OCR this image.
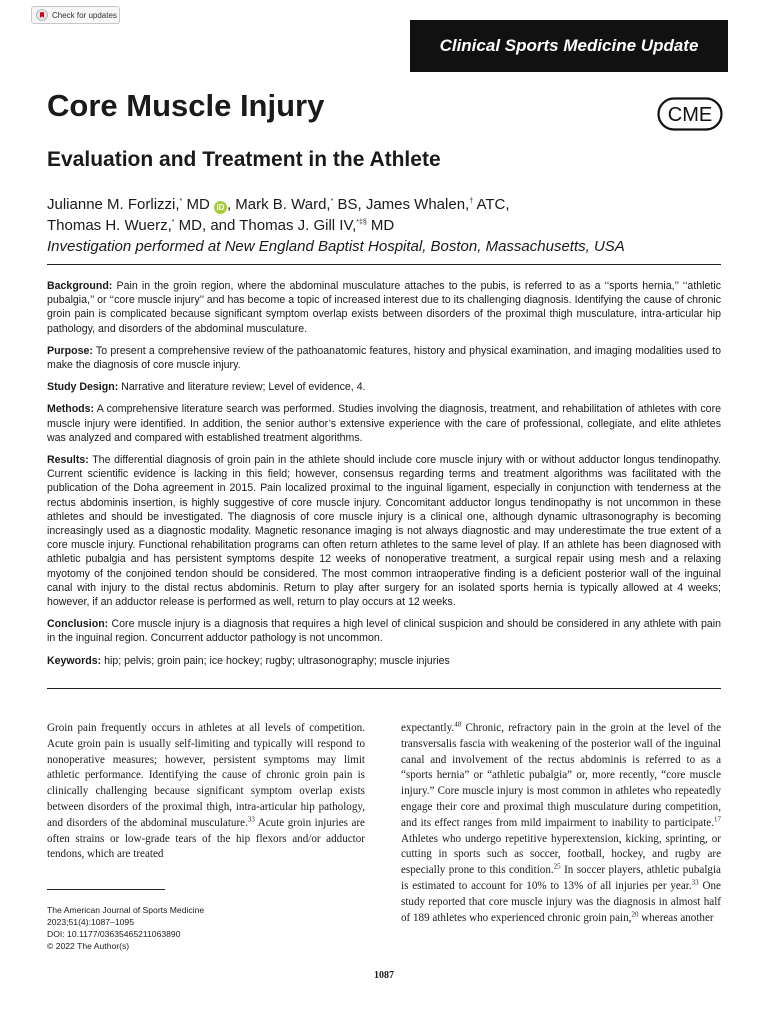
Check for updates
Clinical Sports Medicine Update
Core Muscle Injury	CME
Evaluation and Treatment in the Athlete
Julianne M. Forlizzi,* MD iD , Mark B. Ward,* BS, James Whalen,† ATC,
Thomas H. Wuerz,* MD, and Thomas J. Gill IV,*‡§ MD
Investigation performed at New England Baptist Hospital, Boston, Massachusetts, USA

Background: Pain in the groin region, where the abdominal musculature attaches to the pubis, is referred to as a ‘‘sports hernia,’’ ‘‘athletic pubalgia,’’ or ‘‘core muscle injury’’ and has become a topic of increased interest due to its challenging diagnosis. Identifying the cause of chronic groin pain is complicated because significant symptom overlap exists between disorders of the proximal thigh musculature, intra-articular hip pathology, and disorders of the abdominal musculature.

Purpose: To present a comprehensive review of the pathoanatomic features, history and physical examination, and imaging modalities used to make the diagnosis of core muscle injury.

Study Design: Narrative and literature review; Level of evidence, 4.

Methods: A comprehensive literature search was performed. Studies involving the diagnosis, treatment, and rehabilitation of athletes with core muscle injury were identified. In addition, the senior author’s extensive experience with the care of professional, collegiate, and elite athletes was analyzed and compared with established treatment algorithms.

Results: The differential diagnosis of groin pain in the athlete should include core muscle injury with or without adductor longus tendinopathy. Current scientific evidence is lacking in this field; however, consensus regarding terms and treatment algorithms was facilitated with the publication of the Doha agreement in 2015. Pain localized proximal to the inguinal ligament, especially in conjunction with tenderness at the rectus abdominis insertion, is highly suggestive of core muscle injury. Concomitant adductor longus tendinopathy is not uncommon in these athletes and should be investigated. The diagnosis of core muscle injury is a clinical one, although dynamic ultrasonography is becoming increasingly used as a diagnostic modality. Magnetic resonance imaging is not always diagnostic and may underestimate the true extent of a core muscle injury. Functional rehabilitation programs can often return athletes to the same level of play. If an athlete has been diagnosed with athletic pubalgia and has persistent symptoms despite 12 weeks of nonoperative treatment, a surgical repair using mesh and a relaxing myotomy of the conjoined tendon should be considered. The most common intraoperative finding is a deficient posterior wall of the inguinal canal with injury to the distal rectus abdominis. Return to play after surgery for an isolated sports hernia is typically allowed at 4 weeks; however, if an adductor release is performed as well, return to play occurs at 12 weeks.

Conclusion: Core muscle injury is a diagnosis that requires a high level of clinical suspicion and should be considered in any athlete with pain in the inguinal region. Concurrent adductor pathology is not uncommon.

Keywords: hip; pelvis; groin pain; ice hockey; rugby; ultrasonography; muscle injuries

Groin pain frequently occurs in athletes at all levels of competition. Acute groin pain is usually self-limiting and typically will respond to nonoperative measures; however, persistent symptoms may limit athletic performance. Identifying the cause of chronic groin pain is clinically challenging because significant symptom overlap exists between disorders of the proximal thigh, intra-articular hip pathology, and disorders of the abdominal musculature.$^{33}$ Acute groin injuries are often strains or low-grade tears of the hip flexors and/or adductor tendons, which are treated

expectantly.$^{48}$ Chronic, refractory pain in the groin at the level of the transversalis fascia with weakening of the posterior wall of the inguinal canal and involvement of the rectus abdominis is referred to as a “sports hernia” or “athletic pubalgia” or, more recently, “core muscle injury.” Core muscle injury is most common in athletes who repeatedly engage their core and proximal thigh musculature during competition, and its effect ranges from mild impairment to inability to participate.$^{17}$ Athletes who undergo repetitive hyperextension, kicking, sprinting, or cutting in sports such as soccer, football, hockey, and rugby are especially prone to this condition.$^{25}$ In soccer players, athletic pubalgia is estimated to account for 10% to 13% of all injuries per year.$^{33}$ One study reported that core muscle injury was the diagnosis in almost half of 189 athletes who experienced chronic groin pain,$^{20}$ whereas another

The American Journal of Sports Medicine
2023;51(4):1087–1095
DOI: 10.1177/03635465211063890
© 2022 The Author(s)
1087
